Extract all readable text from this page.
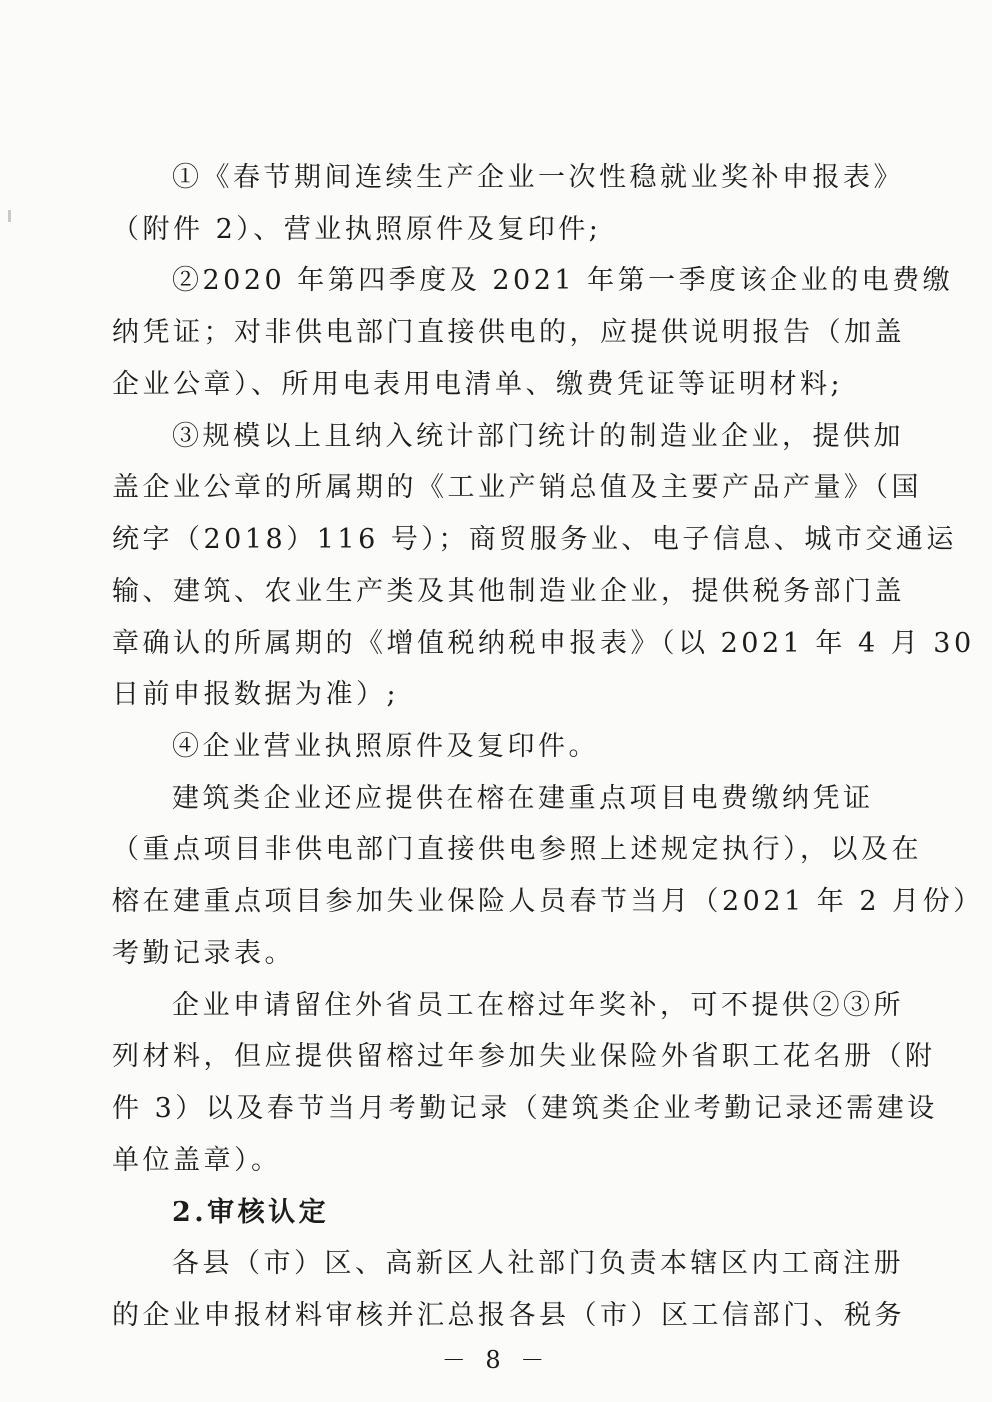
①《春节期间连续生产企业一次性稳就业奖补申报表》
（附件 2）、营业执照原件及复印件;
②2020 年第四季度及 2021 年第一季度该企业的电费缴
纳凭证；对非供电部门直接供电的，应提供说明报告（加盖
企业公章）、所用电表用电清单、缴费凭证等证明材料;
③规模以上且纳入统计部门统计的制造业企业，提供加
盖企业公章的所属期的《工业产销总值及主要产品产量》（国
统字（2018）116 号）；商贸服务业、电子信息、城市交通运
输、建筑、农业生产类及其他制造业企业，提供税务部门盖
章确认的所属期的《增值税纳税申报表》（以 2021 年 4 月 30
日前申报数据为准）;
④企业营业执照原件及复印件。
建筑类企业还应提供在榕在建重点项目电费缴纳凭证
（重点项目非供电部门直接供电参照上述规定执行），以及在
榕在建重点项目参加失业保险人员春节当月（2021 年 2 月份）
考勤记录表。
企业申请留住外省员工在榕过年奖补，可不提供②③所
列材料，但应提供留榕过年参加失业保险外省职工花名册（附
件 3）以及春节当月考勤记录（建筑类企业考勤记录还需建设
单位盖章）。
2.审核认定
各县（市）区、高新区人社部门负责本辖区内工商注册
的企业申报材料审核并汇总报各县（市）区工信部门、税务
－ 8 －
